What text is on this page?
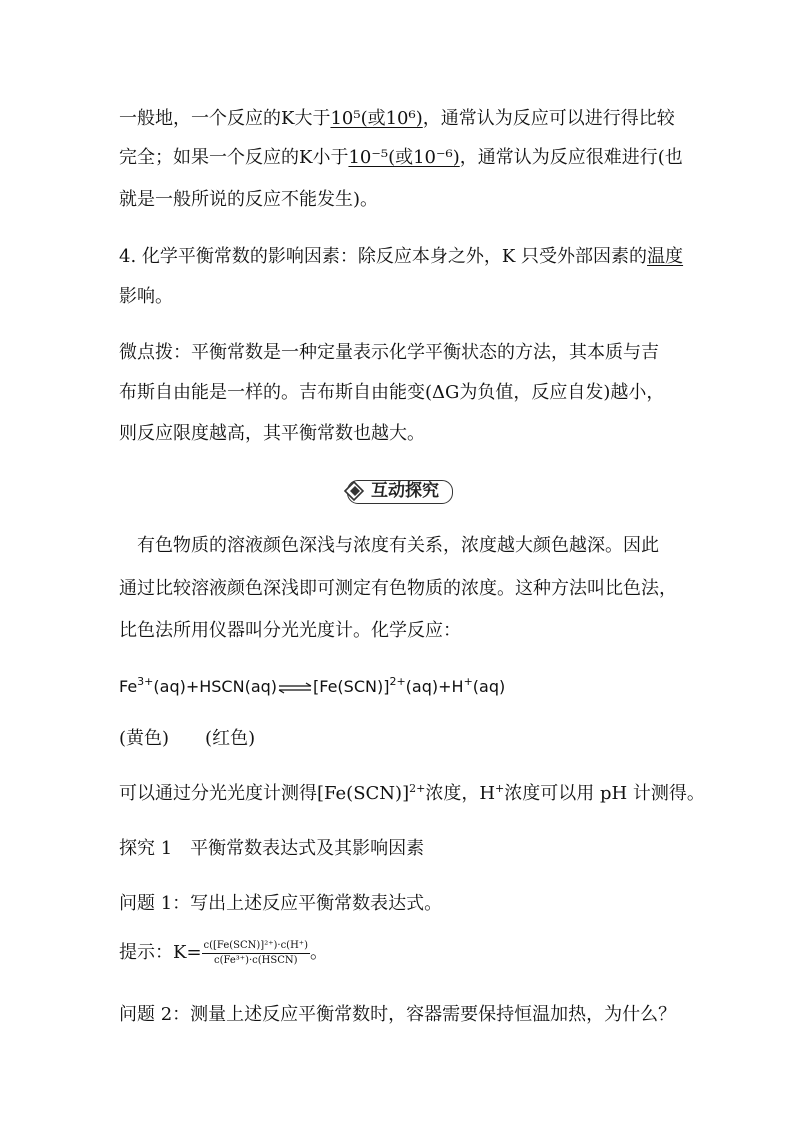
一般地，一个反应的K大于10⁵(或10⁶)，通常认为反应可以进行得比较
完全；如果一个反应的K小于10⁻⁵(或10⁻⁶)，通常认为反应很难进行(也
就是一般所说的反应不能发生)。
4. 化学平衡常数的影响因素：除反应本身之外，K 只受外部因素的温度
影响。
微点拨：平衡常数是一种定量表示化学平衡状态的方法，其本质与吉
布斯自由能是一样的。吉布斯自由能变(ΔG为负值，反应自发)越小，
则反应限度越高，其平衡常数也越大。
互动探究
　有色物质的溶液颜色深浅与浓度有关系，浓度越大颜色越深。因此
通过比较溶液颜色深浅即可测定有色物质的浓度。这种方法叫比色法，
比色法所用仪器叫分光光度计。化学反应：
$Fe^{3+}(aq)+HSCN(aq)\rightleftharpoons[Fe(SCN)]^{2+}(aq)+H^+(aq)$
(黄色)　　(红色)
可以通过分光光度计测得$[Fe(SCN)]^{2+}$浓度，H+浓度可以用 pH 计测得。
探究 1　平衡常数表达式及其影响因素
问题 1：写出上述反应平衡常数表达式。
提示：$K= \frac{\text{c([Fe(SCN)]²⁺)·c(H⁺)}}{\text{c(Fe³⁺)·c(HSCN)}}$ 。
问题 2：测量上述反应平衡常数时，容器需要保持恒温加热，为什么？
